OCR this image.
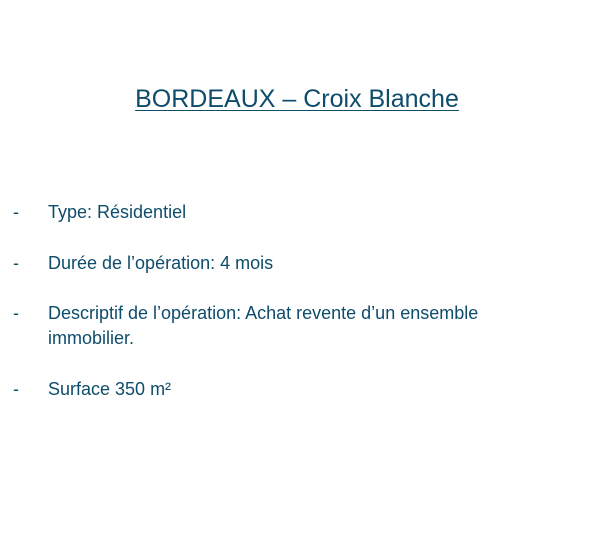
BORDEAUX – Croix Blanche
- Type: Résidentiel
- Durée de l’opération: 4 mois
- Descriptif de l’opération: Achat revente d’un ensemble immobilier.
- Surface 350 m²
